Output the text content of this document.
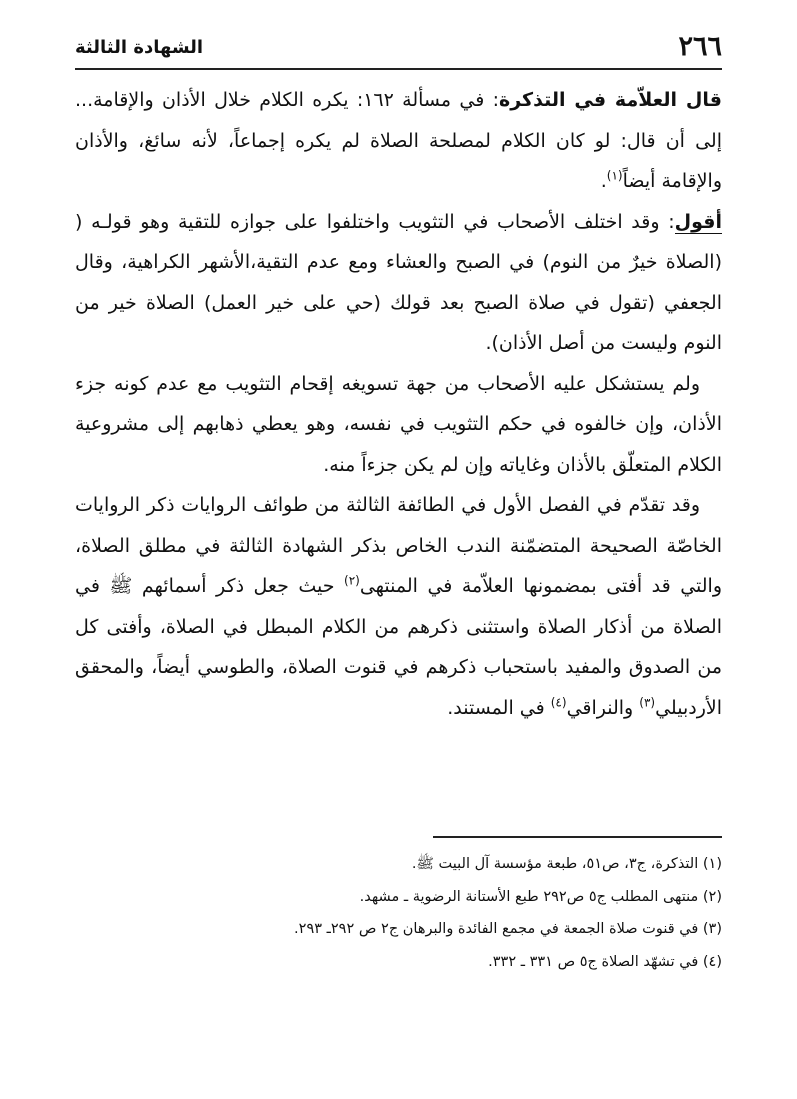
٢٦٦
الشهادة الثالثة

قال العلاّمة في التذكرة: في مسألة ١٦٢: يكره الكلام خلال الأذان والإقامة... إلى أن قال: لو كان الكلام لمصلحة الصلاة لم يكره إجماعاً، لأنه سائغ، والأذان والإقامة أيضاً$^{(١)}$.

أقول: وقد اختلف الأصحاب في التثويب واختلفوا على جوازه للتقية وهو قولـه ( (الصلاة خيرٌ من النوم) في الصبح والعشاء ومع عدم التقية،الأشهر الكراهية، وقال الجعفي (تقول في صلاة الصبح بعد قولك (حي على خير العمل) الصلاة خير من النوم وليست من أصل الأذان).

ولم يستشكل عليه الأصحاب من جهة تسويغه إقحام التثويب مع عدم كونه جزء الأذان، وإن خالفوه في حكم التثويب في نفسه، وهو يعطي ذهابهم إلى مشروعية الكلام المتعلّق بالأذان وغاياته وإن لم يكن جزءاً منه.

وقد تقدّم في الفصل الأول في الطائفة الثالثة من طوائف الروايات ذكر الروايات الخاصّة الصحيحة المتضمّنة الندب الخاص بذكر الشهادة الثالثة في مطلق الصلاة، والتي قد أفتى بمضمونها العلاّمة في المنتهى$^{(٢)}$ حيث جعل ذكر أسمائهم ﷺ في الصلاة من أذكار الصلاة واستثنى ذكرهم من الكلام المبطل في الصلاة، وأفتى كل من الصدوق والمفيد باستحباب ذكرهم في قنوت الصلاة، والطوسي أيضاً، والمحقق الأردبيلي$^{(٣)}$ والنراقي$^{(٤)}$ في المستند.

(١) التذكرة، ج٣، ص٥١، طبعة مؤسسة آل البيت ﷺ.

(٢) منتهى المطلب ج٥ ص٢٩٢ طبع الأستانة الرضوية ـ مشهد.

(٣) في قنوت صلاة الجمعة في مجمع الفائدة والبرهان ج٢ ص ٢٩٢ـ ٢٩٣.

(٤) في تشهّد الصلاة ج٥ ص ٣٣١ ـ ٣٣٢.
